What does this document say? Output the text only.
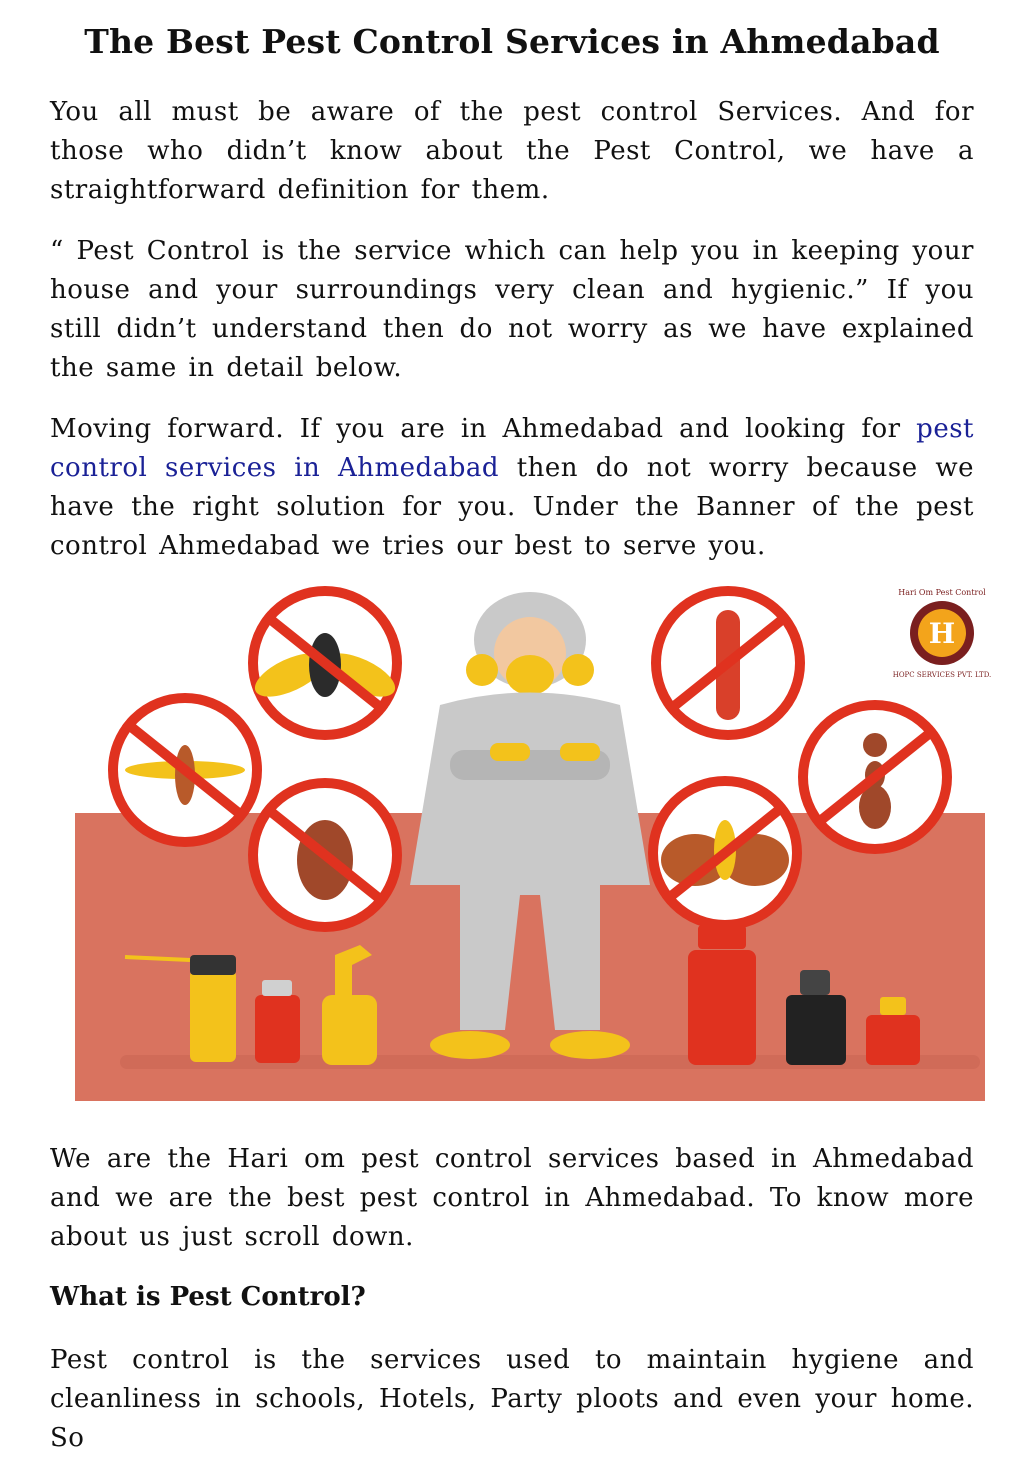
The Best Pest Control Services in Ahmedabad

You all must be aware of the pest control Services. And for those who didn’t know about the Pest Control, we have a straightforward definition for them.

“ Pest Control is the service which can help you in keeping your house and your surroundings very clean and hygienic.” If you still didn’t understand then do not worry as we have explained the same in detail below.

Moving forward. If you are in Ahmedabad and looking for pest control services in Ahmedabad then do not worry because we have the right solution for you. Under the Banner of the pest control Ahmedabad we tries our best to serve you.

H
Hari Om Pest Control
HOPC SERVICES PVT. LTD.

We are the Hari om pest control services based in Ahmedabad and we are the best pest control in Ahmedabad. To know more about us just scroll down.

What is Pest Control?

Pest control is the services used to maintain hygiene and cleanliness in schools, Hotels, Party ploots and even your home. So
